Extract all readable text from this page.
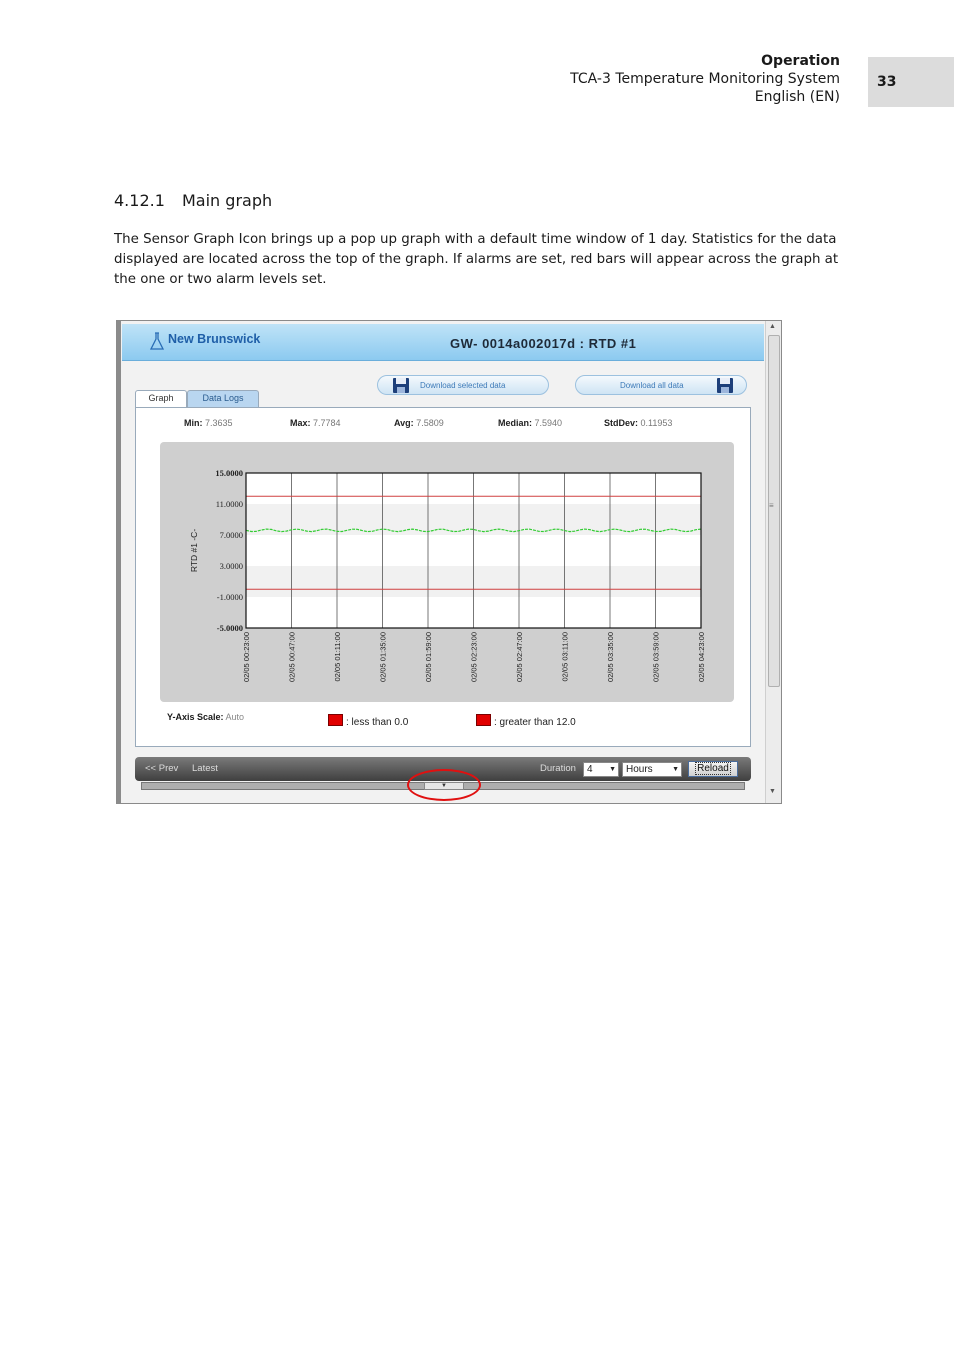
Operation
TCA-3 Temperature Monitoring System
English (EN)
33
4.12.1 Main graph

The Sensor Graph Icon brings up a pop up graph with a default time window of 1 day. Statistics for the data displayed are located across the top of the graph. If alarms are set, red bars will appear across the graph at the one or two alarm levels set.

New Brunswick	GW- 0014a002017d : RTD #1
Download selected data	Download all data
Graph	Data Logs
Min: 7.3635	Max: 7.7784	Avg: 7.5809	Median: 7.5940	StdDev: 0.11953
15.0000
11.0000
7.0000
3.0000
-1.0000
-5.0000
RTD #1 -C-
02/05 00:23:00	02/05 00:47:00	02/05 01:11:00	02/05 01:35:00	02/05 01:59:00	02/05 02:23:00	02/05 02:47:00	02/05 03:11:00	02/05 03:35:00	02/05 03:59:00	02/05 04:23:00
Y-Axis Scale: Auto	: less than 0.0	: greater than 12.0
<< Prev Latest	Duration	4 ▼	Hours	▼	Reload
▼
▲
≡
▼
